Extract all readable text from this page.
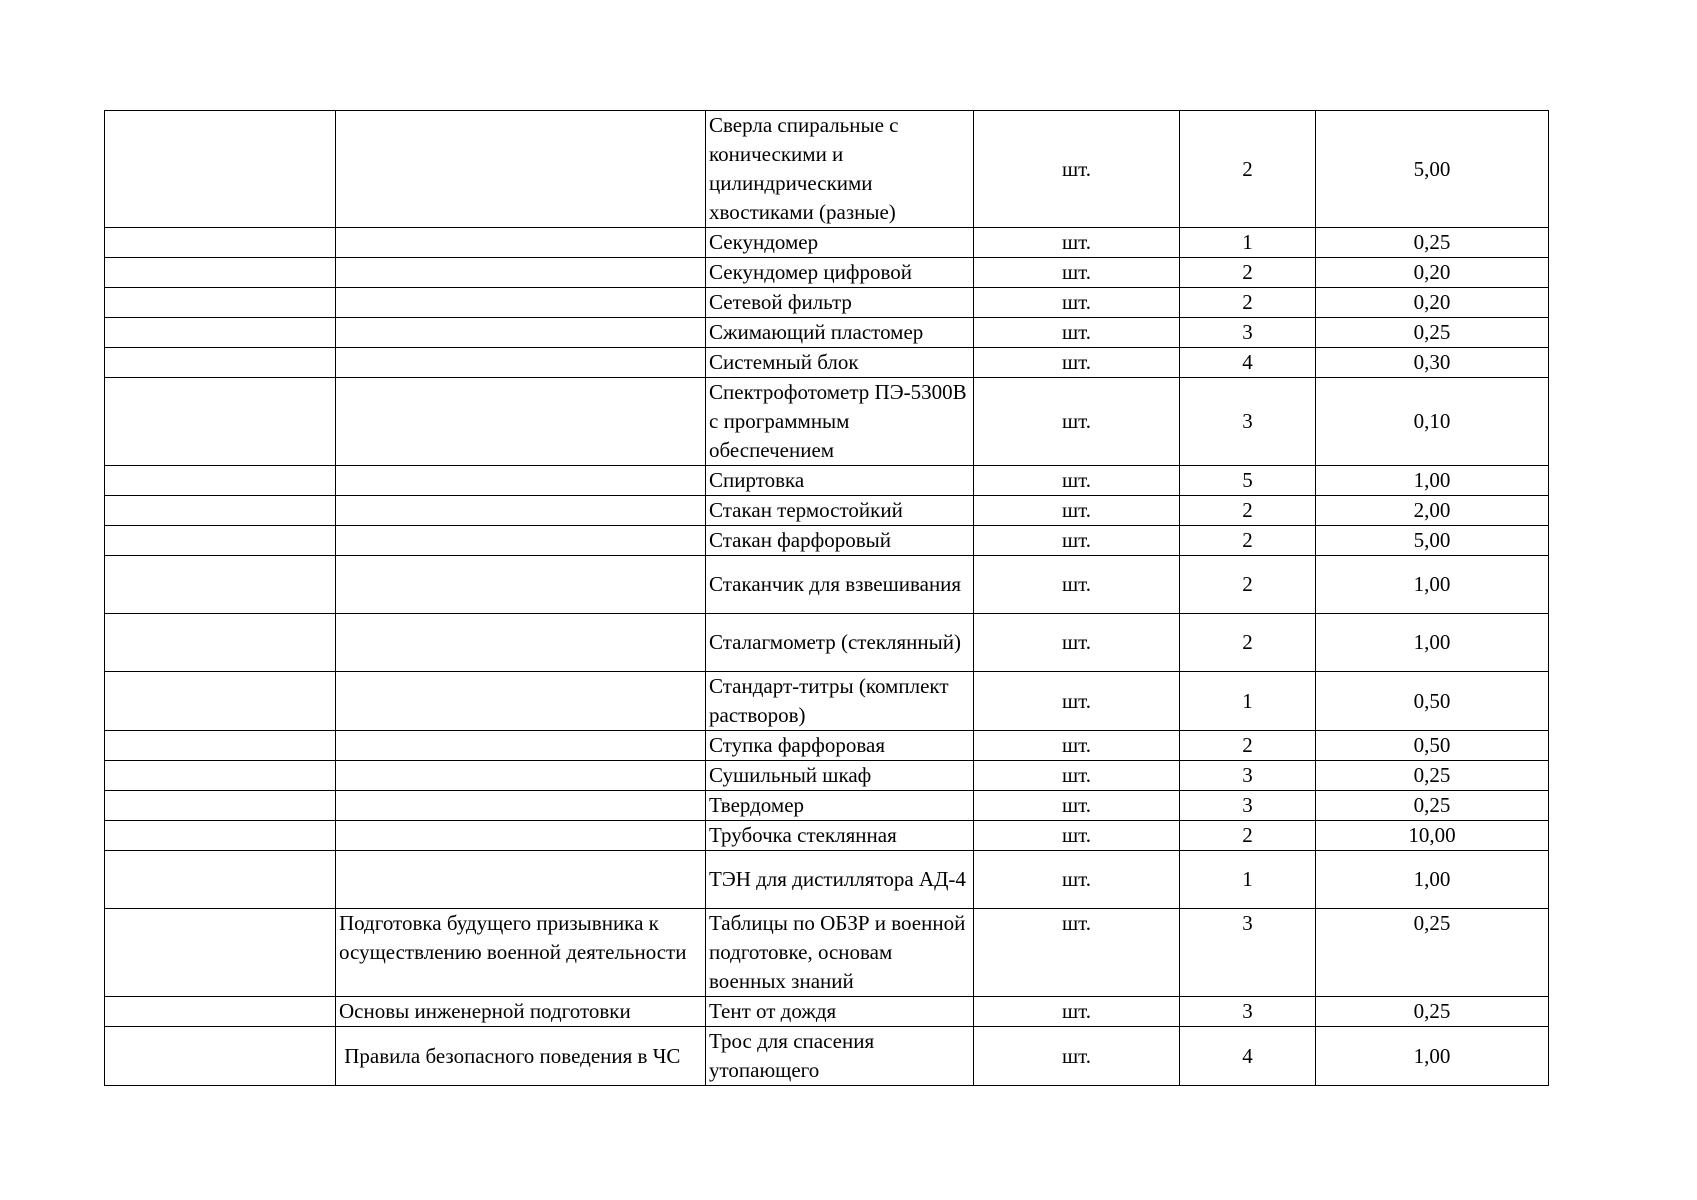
		Сверла спиральные с коническими и цилиндрическими хвостиками (разные)	шт.	2	5,00
		Секундомер	шт.	1	0,25
		Секундомер цифровой	шт.	2	0,20
		Сетевой фильтр	шт.	2	0,20
		Сжимающий пластомер	шт.	3	0,25
		Системный блок	шт.	4	0,30
		Спектрофотометр ПЭ-5300В с программным обеспечением	шт.	3	0,10
		Спиртовка	шт.	5	1,00
		Стакан термостойкий	шт.	2	2,00
		Стакан фарфоровый	шт.	2	5,00
		Стаканчик для взвешивания	шт.	2	1,00
		Сталагмометр (стеклянный)	шт.	2	1,00
		Стандарт-титры (комплект растворов)	шт.	1	0,50
		Ступка фарфоровая	шт.	2	0,50
		Сушильный шкаф	шт.	3	0,25
		Твердомер	шт.	3	0,25
		Трубочка стеклянная	шт.	2	10,00
		ТЭН для дистиллятора АД-4	шт.	1	1,00
	Подготовка будущего призывника к осуществлению военной деятельности	Таблицы по ОБЗР и военной подготовке, основам военных знаний	шт.	3	0,25
	Основы инженерной подготовки	Тент от дождя	шт.	3	0,25
	Правила безопасного поведения в ЧС	Трос для спасения утопающего	шт.	4	1,00
